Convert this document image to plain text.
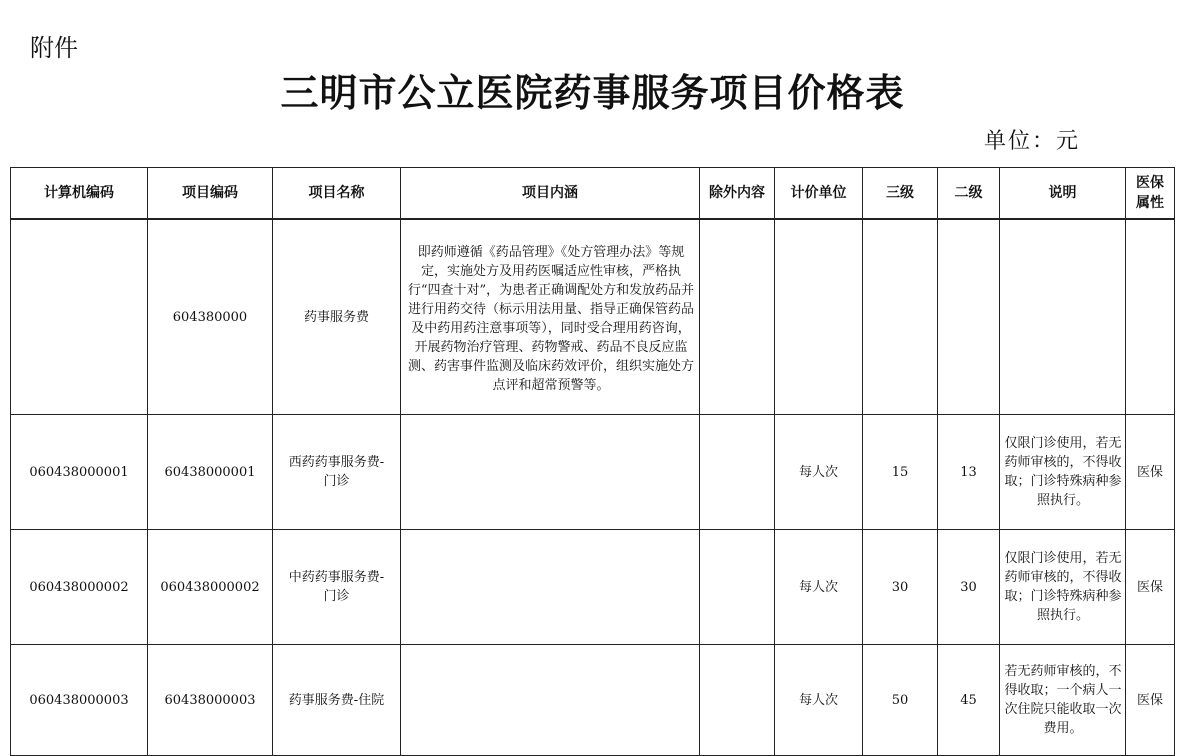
附件
三明市公立医院药事服务项目价格表
单位：元
计算机编码	项目编码	项目名称	项目内涵	除外内容	计价单位	三级	二级	说明	医保属性
	604380000	药事服务费	即药师遵循《药品管理》《处方管理办法》等规定，实施处方及用药医嘱适应性审核，严格执行“四查十对”，为患者正确调配处方和发放药品并进行用药交待（标示用法用量、指导正确保管药品及中药用药注意事项等），同时受合理用药咨询，开展药物治疗管理、药物警戒、药品不良反应监测、药害事件监测及临床药效评价，组织实施处方点评和超常预警等。						
060438000001	60438000001	西药药事服务费-门诊			每人次	15	13	仅限门诊使用，若无药师审核的，不得收取；门诊特殊病种参照执行。	医保
060438000002	060438000002	中药药事服务费-门诊			每人次	30	30	仅限门诊使用，若无药师审核的，不得收取；门诊特殊病种参照执行。	医保
060438000003	60438000003	药事服务费-住院			每人次	50	45	若无药师审核的，不得收取；一个病人一次住院只能收取一次费用。	医保
